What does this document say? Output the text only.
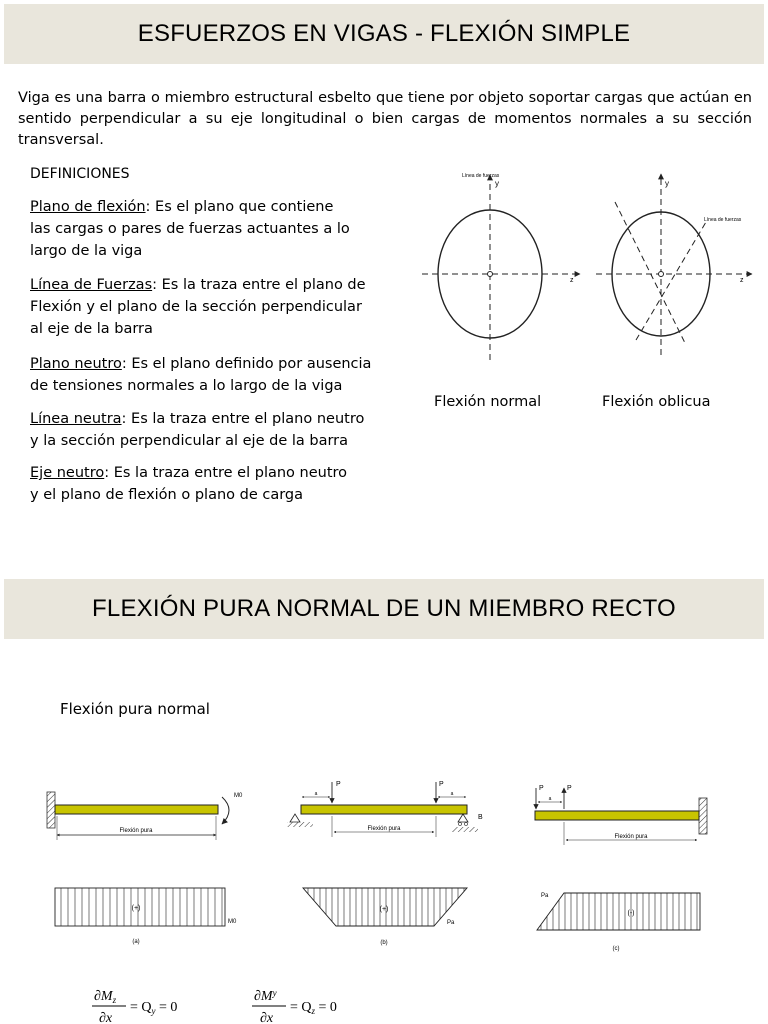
ESFUERZOS EN VIGAS - FLEXIÓN SIMPLE
Viga es una barra o miembro estructural esbelto que tiene por objeto soportar cargas que actúan en sentido perpendicular a su eje longitudinal o bien cargas de momentos normales a su sección transversal.
DEFINICIONES
Plano de flexión: Es el plano que contiene
las cargas o pares de fuerzas actuantes a lo
largo de la viga
Línea de Fuerzas: Es la traza entre el plano de
Flexión y el plano de la sección perpendicular
al eje de la barra
Plano neutro: Es el plano definido por ausencia
de tensiones normales a lo largo de la viga
Línea neutra: Es la traza entre el plano neutro
y la sección perpendicular al eje de la barra
Eje neutro: Es la traza entre el plano neutro
y el plano de flexión o plano de carga
Flexión normal	Flexión oblicua
FLEXIÓN PURA NORMAL DE UN MIEMBRO RECTO
Flexión pura normal
y
z
Línea de fuerzas
y
z
Línea de fuerzas
M0
Flexión pura
(+)
M0
(a)
P	P
a	a
B
Flexión pura
(+)
Pa
(b)
P	P
a
Flexión pura
(-)
Pa
(c)
$\partial M_z$
∂x
= $Q_y = 0$
$\partial M^y$
∂x
= $Q_z = 0$
